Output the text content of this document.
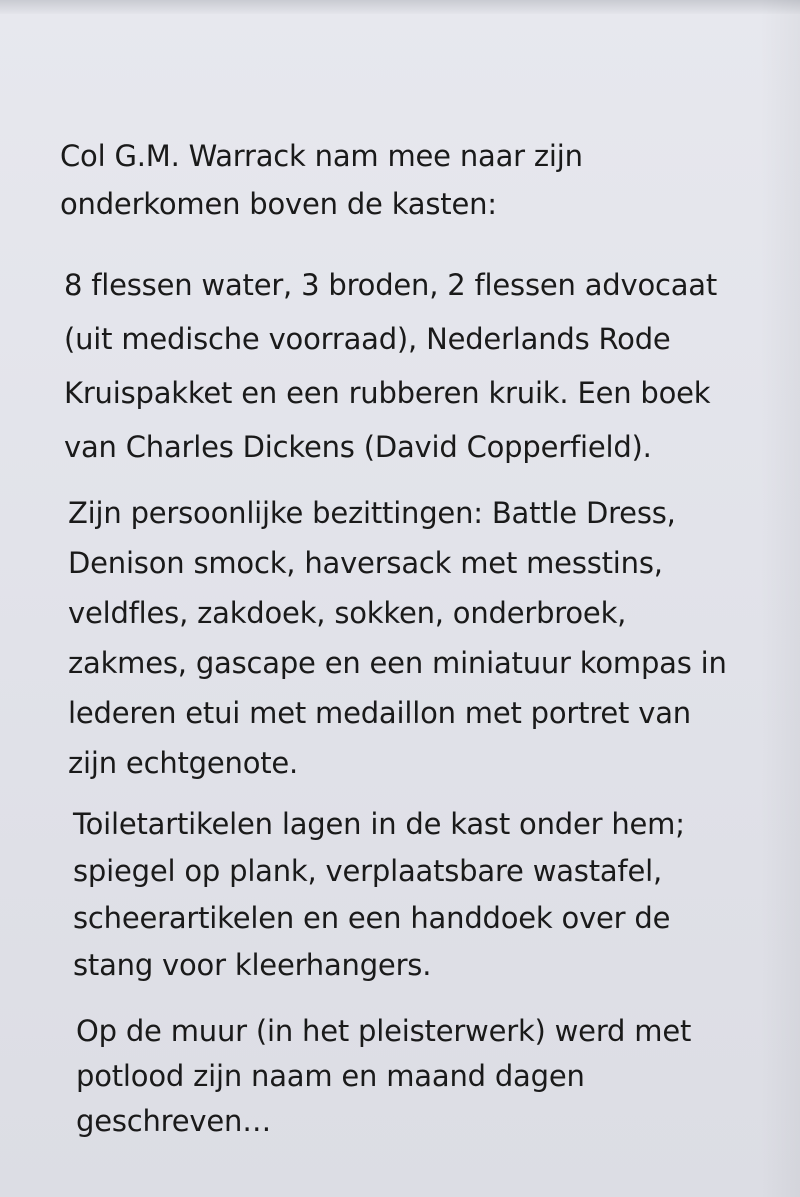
Col G.M. Warrack nam mee naar zijn
onderkomen boven de kasten:

8 flessen water, 3 broden, 2 flessen advocaat
(uit medische voorraad), Nederlands Rode
Kruispakket en een rubberen kruik. Een boek
van Charles Dickens (David Copperfield).

Zijn persoonlijke bezittingen: Battle Dress,
Denison smock, haversack met messtins,
veldfles, zakdoek, sokken, onderbroek,
zakmes, gascape en een miniatuur kompas in
lederen etui met medaillon met portret van
zijn echtgenote.

Toiletartikelen lagen in de kast onder hem;
spiegel op plank, verplaatsbare wastafel,
scheerartikelen en een handdoek over de
stang voor kleerhangers.

Op de muur (in het pleisterwerk) werd met
potlood zijn naam en maand dagen
geschreven…
